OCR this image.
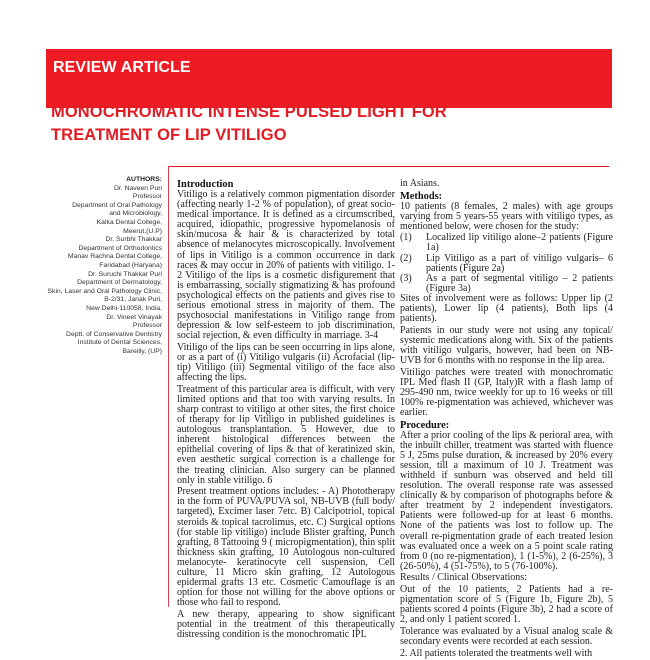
REVIEW ARTICLE
MONOCHROMATIC INTENSE PULSED LIGHT FOR
TREATMENT OF LIP VITILIGO
AUTHORS:
Dr. Naveen Puri
Professor
Department of Oral Pathology
and Microbiology,
Kalka Dental College,
Meerut,(U.P)
Dr. Surbhi Thakkar
Department of Orthodontics
Manav Rachna Dental College,
Faridabad (Haryana)
Dr. Suruchi Thakkar Puri
Department of Dermatology,
Skin, Laser and Oral Pathology Clinic,
B-2/31, Janak Puri,
New Delhi-110058, India.
Dr. Vineet Vinayak
Professor
Deptt. of Conservative Dentistry
Institute of Dental Sciences,
Bareilly, (UP)
Introduction

Vitiligo is a relatively common pigmentation disorder (affecting nearly 1-2 % of population), of great socio-medical importance. It is defined as a circumscribed, acquired, idiopathic, progressive hypomelanosis of skin/mucosa & hair & is characterized by total absence of melanocytes microscopically. Involvement of lips in Vitiligo is a common occurrence in dark races & may occur in 20% of patients with vitiligo. 1-2 Vitiligo of the lips is a cosmetic disfigurement that is embarrassing, socially stigmatizing & has profound psychological effects on the patients and gives rise to serious emotional stress in majority of them. The psychosocial manifestations in Vitiligo range from depression & low self-esteem to job discrimination, social rejection, & even difficulty in marriage. 3-4

Vitiligo of the lips can be seen occurring in lips alone, or as a part of (i) Vitiligo vulgaris (ii) Acrofacial (lip-tip) Vitiligo (iii) Segmental vitiligo of the face also affecting the lips.

Treatment of this particular area is difficult, with very limited options and that too with varying results. In sharp contrast to vitiligo at other sites, the first choice of therapy for lip Vitiligo in published guidelines is autologous transplantation. 5 However, due to inherent histological differences between the epithelial covering of lips & that of keratinized skin, even aesthetic surgical correction is a challenge for the treating clinician. Also surgery can be planned only in stable vitiligo. 6

Present treatment options includes: - A) Phototherapy in the form of PUVA/PUVA sol, NB-UVB (full body/ targeted), Excimer laser 7etc. B) Calcipotriol, topical steroids & topical tacrolimus, etc. C) Surgical options (for stable lip vitiligo) include Blister grafting, Punch grafting, 8 Tattooing 9 ( micropigmentation), thin split thickness skin grafting, 10 Autologous non-cultured melanocyte- keratinocyte cell suspension, Cell culture, 11 Micro skin grafting, 12 Autologous epidermal grafts 13 etc. Cosmetic Camouflage is an option for those not willing for the above options or those who fail to respond.

A new therapy, appearing to show significant potential in the treatment of this therapeutically distressing condition is the monochromatic IPL

in Asians.

Methods:

10 patients (8 females, 2 males) with age groups varying from 5 years-55 years with vitiligo types, as mentioned below, were chosen for the study:

(1) Localized lip vitiligo alone–2 patients (Figure 1a)
(2) Lip Vitiligo as a part of vitiligo vulgaris– 6 patients (Figure 2a)
(3) As a part of segmental vitiligo – 2 patients (Figure 3a)

Sites of involvement were as follows: Upper lip (2 patients), Lower lip (4 patients), Both lips (4 patients).

Patients in our study were not using any topical/ systemic medications along with. Six of the patients with vitiligo vulgaris, however, had been on NB-UVB for 6 months with no response in the lip area.

Vitiligo patches were treated with monochromatic IPL Med flash II (GP, Italy)R with a flash lamp of 295-490 nm, twice weekly for up to 16 weeks or till 100% re-pigmentation was achieved, whichever was earlier.

Procedure:

After a prior cooling of the lips & perioral area, with the inbuilt chiller, treatment was started with fluence 5 J, 25ms pulse duration, & increased by 20% every session, till a maximum of 10 J. Treatment was withheld if sunburn was observed and held till resolution. The overall response rate was assessed clinically & by comparison of photographs before & after treatment by 2 independent investigators. Patients were followed-up for at least 6 months. None of the patients was lost to follow up. The overall re-pigmentation grade of each treated lesion was evaluated once a week on a 5 point scale rating from 0 (no re-pigmentation), 1 (1-5%), 2 (6-25%), 3 (26-50%), 4 (51-75%), to 5 (76-100%).

Results / Clinical Observations:

Out of the 10 patients, 2 Patients had a re-pigmentation score of 5 (Figure 1b, Figure 2b), 5 patients scored 4 points (Figure 3b), 2 had a score of 2, and only 1 patient scored 1.

Tolerance was evaluated by a Visual analog scale & secondary events were recorded at each session.

2. All patients tolerated the treatments well with
